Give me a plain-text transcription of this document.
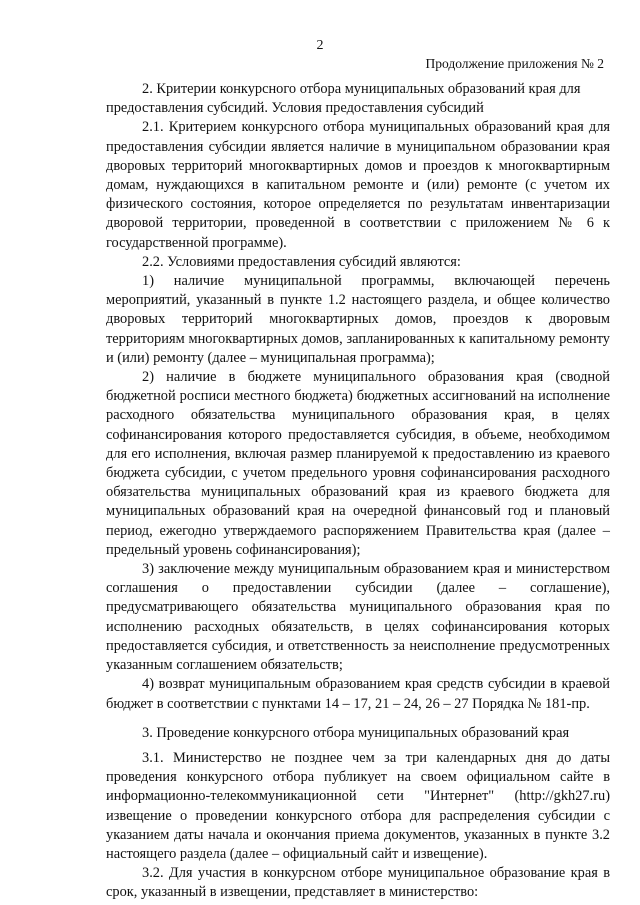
2
Продолжение приложения № 2

2. Критерии конкурсного отбора муниципальных образований края для предоставления субсидий. Условия предоставления субсидий

2.1. Критерием конкурсного отбора муниципальных образований края для предоставления субсидии является наличие в муниципальном образовании края дворовых территорий многоквартирных домов и проездов к многоквартирным домам, нуждающихся в капитальном ремонте и (или) ремонте (с учетом их физического состояния, которое определяется по результатам инвентаризации дворовой территории, проведенной в соответствии с приложением № 6 к государственной программе).

2.2. Условиями предоставления субсидий являются:

1) наличие муниципальной программы, включающей перечень мероприятий, указанный в пункте 1.2 настоящего раздела, и общее количество дворовых территорий многоквартирных домов, проездов к дворовым территориям многоквартирных домов, запланированных к капитальному ремонту и (или) ремонту (далее – муниципальная программа);

2) наличие в бюджете муниципального образования края (сводной бюджетной росписи местного бюджета) бюджетных ассигнований на исполнение расходного обязательства муниципального образования края, в целях софинансирования которого предоставляется субсидия, в объеме, необходимом для его исполнения, включая размер планируемой к предоставлению из краевого бюджета субсидии, с учетом предельного уровня софинансирования расходного обязательства муниципальных образований края из краевого бюджета для муниципальных образований края на очередной финансовый год и плановый период, ежегодно утверждаемого распоряжением Правительства края (далее – предельный уровень софинансирования);

3) заключение между муниципальным образованием края и министерством соглашения о предоставлении субсидии (далее – соглашение), предусматривающего обязательства муниципального образования края по исполнению расходных обязательств, в целях софинансирования которых предоставляется субсидия, и ответственность за неисполнение предусмотренных указанным соглашением обязательств;

4) возврат муниципальным образованием края средств субсидии в краевой бюджет в соответствии с пунктами 14 – 17, 21 – 24, 26 – 27 Порядка № 181-пр.

3. Проведение конкурсного отбора муниципальных образований края

3.1. Министерство не позднее чем за три календарных дня до даты проведения конкурсного отбора публикует на своем официальном сайте в информационно-телекоммуникационной сети "Интернет" (http://gkh27.ru) извещение о проведении конкурсного отбора для распределения субсидии с указанием даты начала и окончания приема документов, указанных в пункте 3.2 настоящего раздела (далее – официальный сайт и извещение).

3.2. Для участия в конкурсном отборе муниципальное образование края в срок, указанный в извещении, представляет в министерство:
